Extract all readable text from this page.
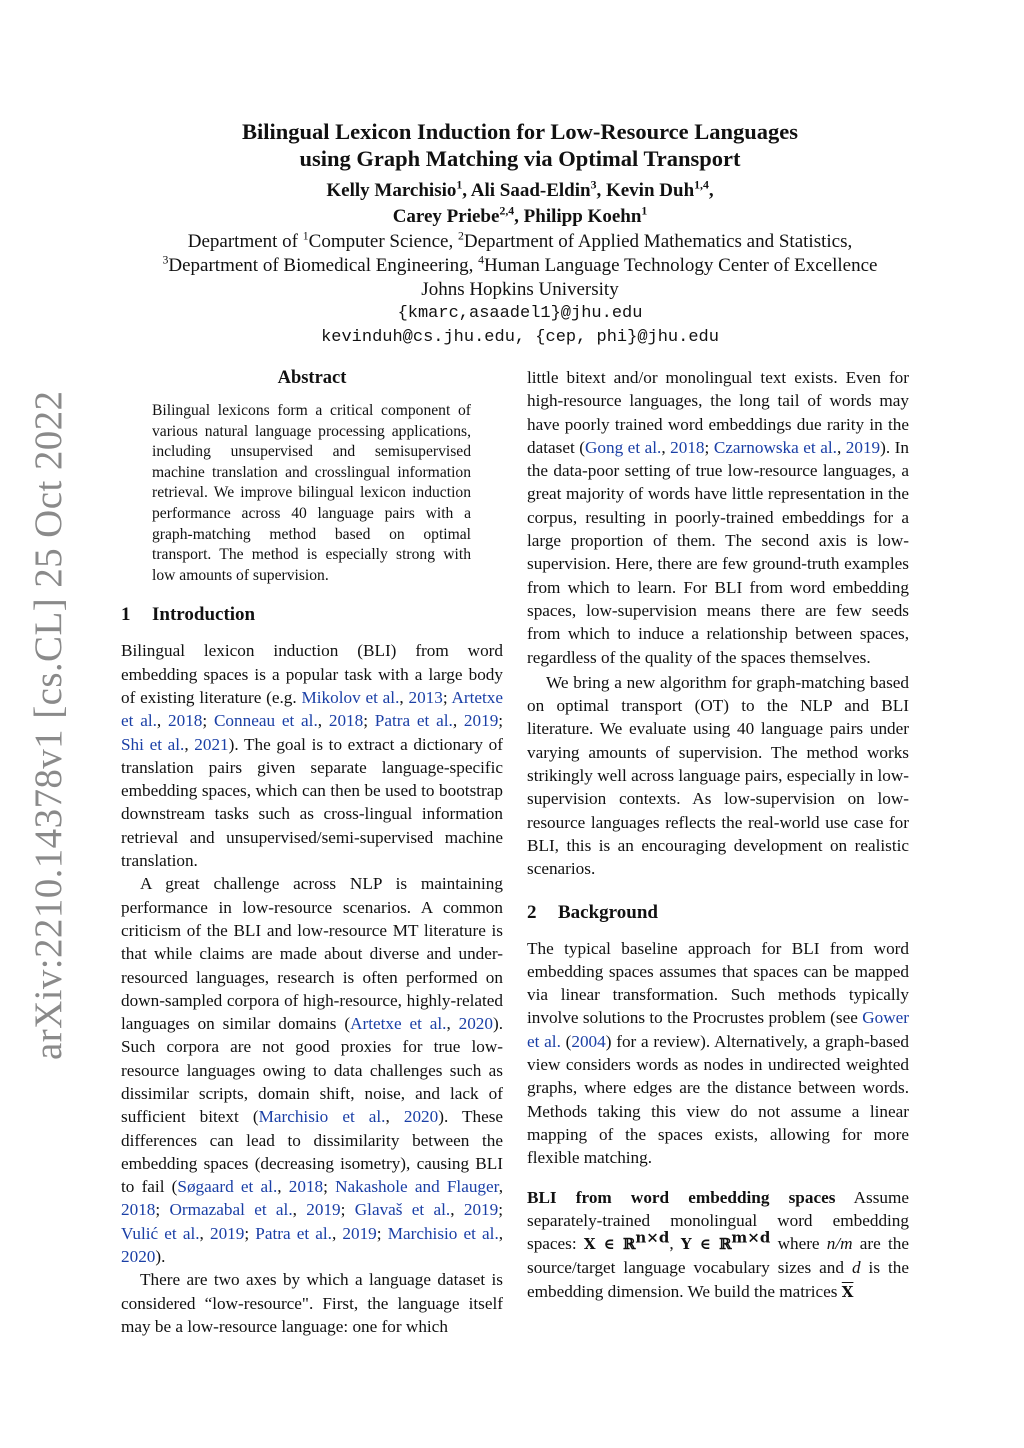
arXiv:2210.14378v1 [cs.CL] 25 Oct 2022
Bilingual Lexicon Induction for Low-Resource Languages
using Graph Matching via Optimal Transport
Kelly Marchisio$^1$, Ali Saad-Eldin$^3$, Kevin Duh$^{1,4}$,
Carey Priebe$^{2,4}$, Philipp Koehn$^1$
Department of $^1$Computer Science, $^2$Department of Applied Mathematics and Statistics,
$^3$Department of Biomedical Engineering, $^4$Human Language Technology Center of Excellence
Johns Hopkins University
{kmarc,asaadel1}@jhu.edu
kevinduh@cs.jhu.edu, {cep, phi}@jhu.edu
Abstract
Bilingual lexicons form a critical component of various natural language processing applications, including unsupervised and semisupervised machine translation and crosslingual information retrieval. We improve bilingual lexicon induction performance across 40 language pairs with a graph-matching method based on optimal transport. The method is especially strong with low amounts of supervision.
1 Introduction

Bilingual lexicon induction (BLI) from word embedding spaces is a popular task with a large body of existing literature (e.g. Mikolov et al., 2013; Artetxe et al., 2018; Conneau et al., 2018; Patra et al., 2019; Shi et al., 2021). The goal is to extract a dictionary of translation pairs given separate language-specific embedding spaces, which can then be used to bootstrap downstream tasks such as cross-lingual information retrieval and unsupervised/semi-supervised machine translation.

A great challenge across NLP is maintaining performance in low-resource scenarios. A common criticism of the BLI and low-resource MT literature is that while claims are made about diverse and under-resourced languages, research is often performed on down-sampled corpora of high-resource, highly-related languages on similar domains (Artetxe et al., 2020). Such corpora are not good proxies for true low-resource languages owing to data challenges such as dissimilar scripts, domain shift, noise, and lack of sufficient bitext (Marchisio et al., 2020). These differences can lead to dissimilarity between the embedding spaces (decreasing isometry), causing BLI to fail (Søgaard et al., 2018; Nakashole and Flauger, 2018; Ormazabal et al., 2019; Glavaš et al., 2019; Vulić et al., 2019; Patra et al., 2019; Marchisio et al., 2020).

There are two axes by which a language dataset is considered “low-resource". First, the language itself may be a low-resource language: one for which

little bitext and/or monolingual text exists. Even for high-resource languages, the long tail of words may have poorly trained word embeddings due rarity in the dataset (Gong et al., 2018; Czarnowska et al., 2019). In the data-poor setting of true low-resource languages, a great majority of words have little representation in the corpus, resulting in poorly-trained embeddings for a large proportion of them. The second axis is low-supervision. Here, there are few ground-truth examples from which to learn. For BLI from word embedding spaces, low-supervision means there are few seeds from which to induce a relationship between spaces, regardless of the quality of the spaces themselves.

We bring a new algorithm for graph-matching based on optimal transport (OT) to the NLP and BLI literature. We evaluate using 40 language pairs under varying amounts of supervision. The method works strikingly well across language pairs, especially in low-supervision contexts. As low-supervision on low-resource languages reflects the real-world use case for BLI, this is an encouraging development on realistic scenarios.

2 Background

The typical baseline approach for BLI from word embedding spaces assumes that spaces can be mapped via linear transformation. Such methods typically involve solutions to the Procrustes problem (see Gower et al. (2004) for a review). Alternatively, a graph-based view considers words as nodes in undirected weighted graphs, where edges are the distance between words. Methods taking this view do not assume a linear mapping of the spaces exists, allowing for more flexible matching.

BLI from word embedding spaces Assume separately-trained monolingual word embedding spaces: X ∈ ℝ$^{n\times d}$, Y ∈ ℝ$^{m\times d}$ where n/m are the source/target language vocabulary sizes and d is the embedding dimension. We build the matrices $\overline{X}$
